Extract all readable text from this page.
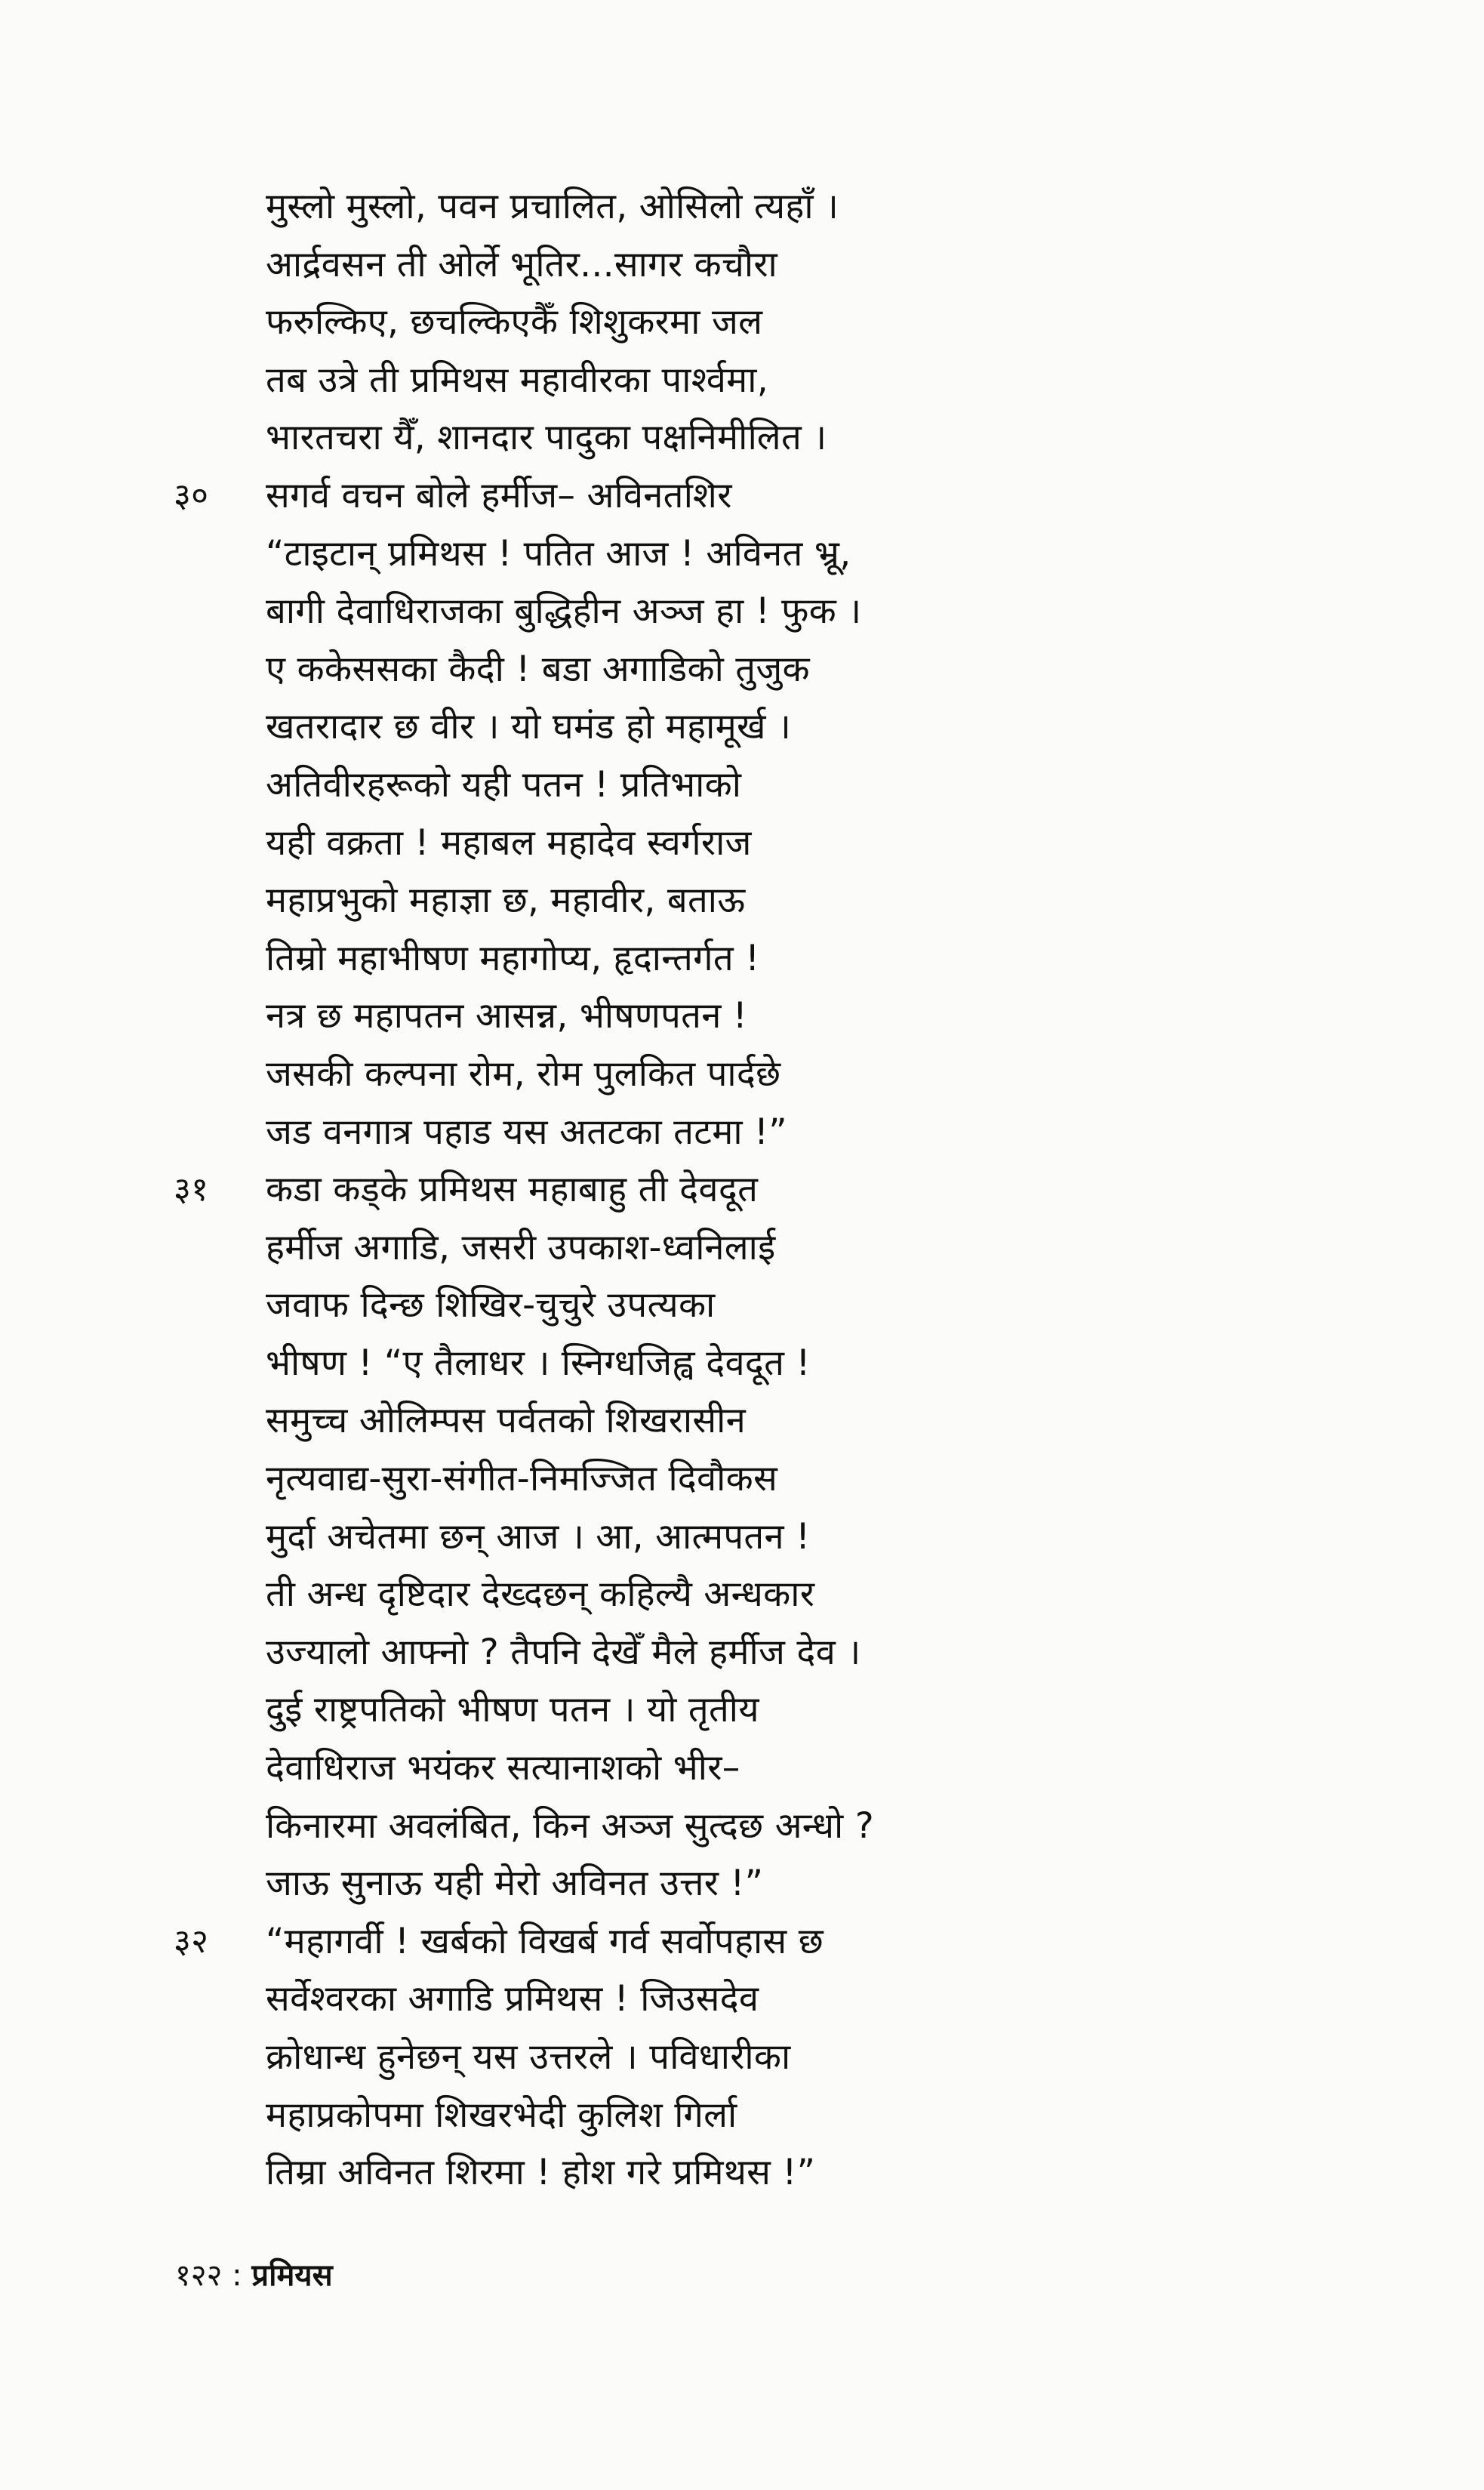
मुस्लो मुस्लो, पवन प्रचालित, ओसिलो त्यहाँ ।
आर्द्रवसन ती ओर्ले भूतिर...सागर कचौरा
फरुल्किए, छचल्किएकैँ शिशुकरमा जल
तब उत्रे ती प्रमिथस महावीरका पार्श्वमा,
भारतचरा यैँ, शानदार पादुका पक्षनिमीलित ।
३० सगर्व वचन बोले हर्मीज– अविनतशिर
“टाइटान् प्रमिथस ! पतित आज ! अविनत भ्रू,
बागी देवाधिराजका बुद्धिहीन अञ्ज हा ! फुक ।
ए ककेससका कैदी ! बडा अगाडिको तुजुक
खतरादार छ वीर । यो घमंड हो महामूर्ख ।
अतिवीरहरूको यही पतन ! प्रतिभाको
यही वक्रता ! महाबल महादेव स्वर्गराज
महाप्रभुको महाज्ञा छ, महावीर, बताऊ
तिम्रो महाभीषण महागोप्य, हृदान्तर्गत !
नत्र छ महापतन आसन्न, भीषणपतन !
जसकी कल्पना रोम, रोम पुलकित पार्दछे
जड वनगात्र पहाड यस अतटका तटमा !”
३१ कडा कड्के प्रमिथस महाबाहु ती देवदूत
हर्मीज अगाडि, जसरी उपकाश-ध्वनिलाई
जवाफ दिन्छ शिखिर-चुचुरे उपत्यका
भीषण ! “ए तैलाधर । स्निग्धजिह्व देवदूत !
समुच्च ओलिम्पस पर्वतको शिखरासीन
नृत्यवाद्य-सुरा-संगीत-निमज्जित दिवौकस
मुर्दा अचेतमा छन् आज । आ, आत्मपतन !
ती अन्ध दृष्टिदार देख्दछन् कहिल्यै अन्धकार
उज्यालो आफ्नो ? तैपनि देखेँ मैले हर्मीज देव ।
दुई राष्ट्रपतिको भीषण पतन । यो तृतीय
देवाधिराज भयंकर सत्यानाशको भीर–
किनारमा अवलंबित, किन अञ्ज सुत्दछ अन्धो ?
जाऊ सुनाऊ यही मेरो अविनत उत्तर !”
३२ “महागर्वी ! खर्बको विखर्ब गर्व सर्वोपहास छ
सर्वेश्वरका अगाडि प्रमिथस ! जिउसदेव
क्रोधान्ध हुनेछन् यस उत्तरले । पविधारीका
महाप्रकोपमा शिखरभेदी कुलिश गिर्ला
तिम्रा अविनत शिरमा ! होश गरे प्रमिथस !”
१२२ : प्रमियस
